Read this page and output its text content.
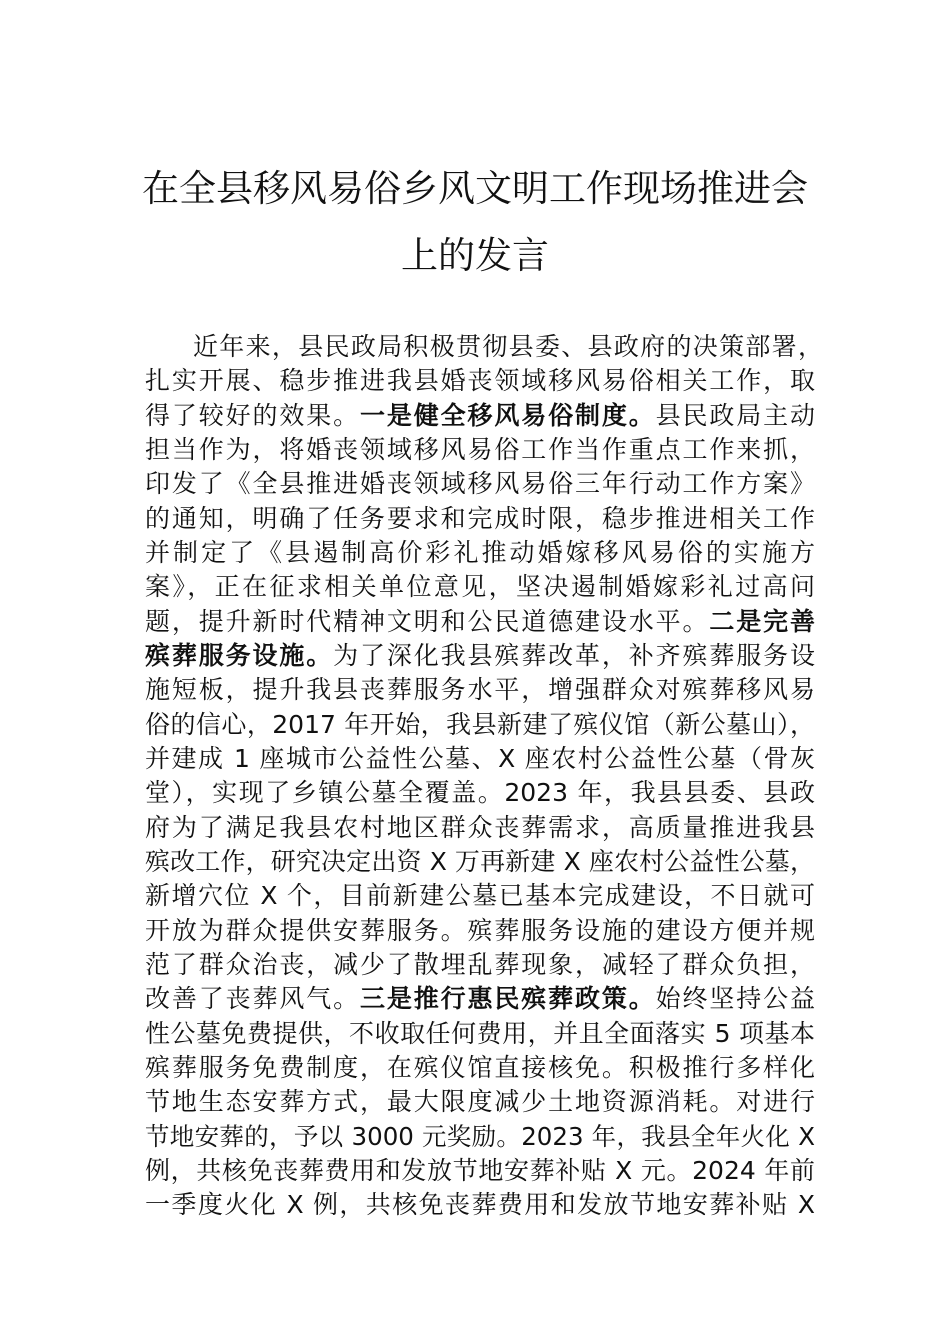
在全县移风易俗乡风文明工作现场推进会
上的发言
近年来，县民政局积极贯彻县委、县政府的决策部署，
扎实开展、稳步推进我县婚丧领域移风易俗相关工作，取
得了较好的效果。一是健全移风易俗制度。县民政局主动
担当作为，将婚丧领域移风易俗工作当作重点工作来抓，
印发了《全县推进婚丧领域移风易俗三年行动工作方案》
的通知，明确了任务要求和完成时限，稳步推进相关工作
并制定了《县遏制高价彩礼推动婚嫁移风易俗的实施方
案》，正在征求相关单位意见，坚决遏制婚嫁彩礼过高问
题，提升新时代精神文明和公民道德建设水平。二是完善
殡葬服务设施。为了深化我县殡葬改革，补齐殡葬服务设
施短板，提升我县丧葬服务水平，增强群众对殡葬移风易
俗的信心，2017 年开始，我县新建了殡仪馆（新公墓山），
并建成 1 座城市公益性公墓、X 座农村公益性公墓（骨灰
堂），实现了乡镇公墓全覆盖。2023 年，我县县委、县政
府为了满足我县农村地区群众丧葬需求，高质量推进我县
殡改工作，研究决定出资 X 万再新建 X 座农村公益性公墓，
新增穴位 X 个，目前新建公墓已基本完成建设，不日就可
开放为群众提供安葬服务。殡葬服务设施的建设方便并规
范了群众治丧，减少了散埋乱葬现象，减轻了群众负担，
改善了丧葬风气。三是推行惠民殡葬政策。始终坚持公益
性公墓免费提供，不收取任何费用，并且全面落实 5 项基本
殡葬服务免费制度，在殡仪馆直接核免。积极推行多样化
节地生态安葬方式，最大限度减少土地资源消耗。对进行
节地安葬的，予以 3000 元奖励。2023 年，我县全年火化 X
例，共核免丧葬费用和发放节地安葬补贴 X 元。2024 年前
一季度火化 X 例，共核免丧葬费用和发放节地安葬补贴 X
